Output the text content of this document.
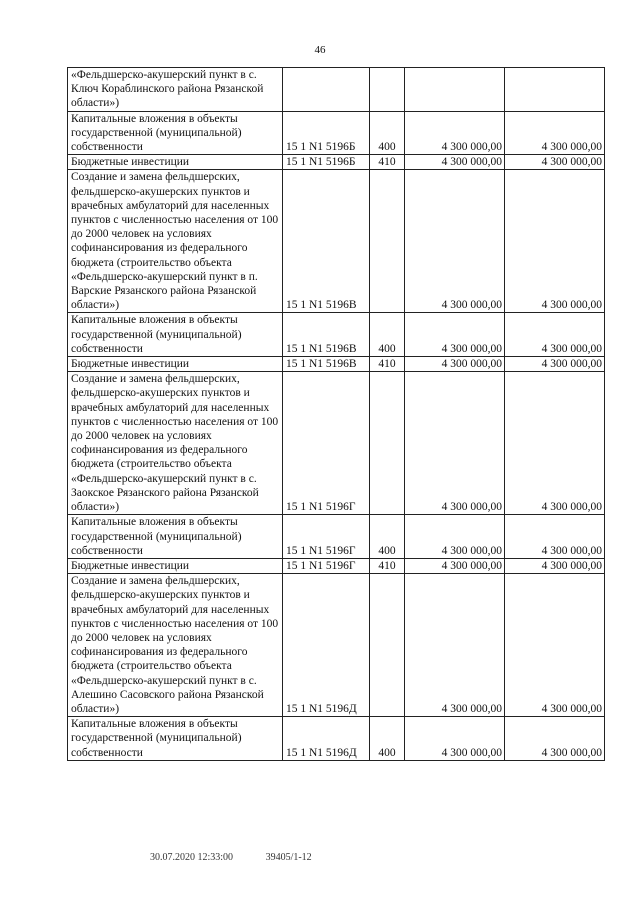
46
«Фельдшерско-акушерский пункт в с. Ключ Кораблинского района Рязанской области»)				
Капитальные вложения в объекты государственной (муниципальной) собственности	15 1 N1 5196Б	400	4 300 000,00	4 300 000,00
Бюджетные инвестиции	15 1 N1 5196Б	410	4 300 000,00	4 300 000,00
Создание и замена фельдшерских, фельдшерско-акушерских пунктов и врачебных амбулаторий для населенных пунктов с численностью населения от 100 до 2000 человек на условиях софинансирования из федерального бюджета (строительство объекта «Фельдшерско-акушерский пункт в п. Варские Рязанского района Рязанской области»)	15 1 N1 5196В		4 300 000,00	4 300 000,00
Капитальные вложения в объекты государственной (муниципальной) собственности	15 1 N1 5196В	400	4 300 000,00	4 300 000,00
Бюджетные инвестиции	15 1 N1 5196В	410	4 300 000,00	4 300 000,00
Создание и замена фельдшерских, фельдшерско-акушерских пунктов и врачебных амбулаторий для населенных пунктов с численностью населения от 100 до 2000 человек на условиях софинансирования из федерального бюджета (строительство объекта «Фельдшерско-акушерский пункт в с. Заокское Рязанского района Рязанской области»)	15 1 N1 5196Г		4 300 000,00	4 300 000,00
Капитальные вложения в объекты государственной (муниципальной) собственности	15 1 N1 5196Г	400	4 300 000,00	4 300 000,00
Бюджетные инвестиции	15 1 N1 5196Г	410	4 300 000,00	4 300 000,00
Создание и замена фельдшерских, фельдшерско-акушерских пунктов и врачебных амбулаторий для населенных пунктов с численностью населения от 100 до 2000 человек на условиях софинансирования из федерального бюджета (строительство объекта «Фельдшерско-акушерский пункт в с. Алешино Сасовского района Рязанской области»)	15 1 N1 5196Д		4 300 000,00	4 300 000,00
Капитальные вложения в объекты государственной (муниципальной) собственности	15 1 N1 5196Д	400	4 300 000,00	4 300 000,00
30.07.2020 12:33:00	39405/1-12
